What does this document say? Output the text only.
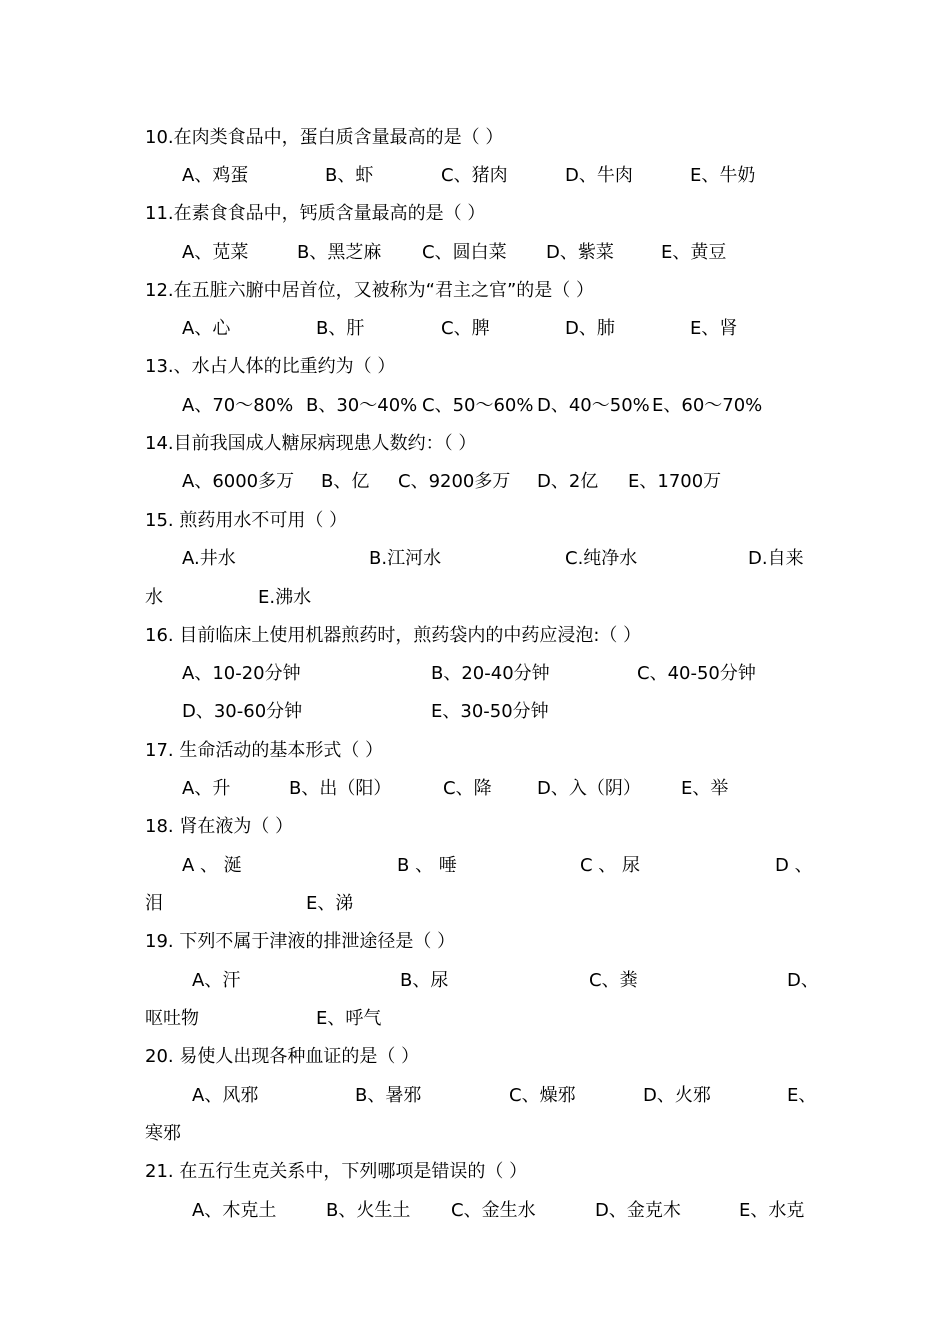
10.在肉类食品中，蛋白质含量最高的是（ ）
A、鸡蛋	B、虾	C、猪肉	D、牛肉	E、牛奶
11.在素食食品中，钙质含量最高的是（ ）
A、苋菜	B、黑芝麻 C、圆白菜 D、紫菜	E、黄豆
12.在五脏六腑中居首位，又被称为“君主之官”的是（ ）
A、心	B、肝	C、脾	D、肺	E、肾
13.、水占人体的比重约为（ ）
A、70～80% B、30～40% C、50～60% D、40～50% E、60～70%
14.目前我国成人糖尿病现患人数约：（ ）
A、6000多万 B、亿 C、9200多万 D、2亿 E、1700万
15. 煎药用水不可用（ ）
A.井水	B.江河水	C.纯净水	D.自来
水	E.沸水
16. 目前临床上使用机器煎药时，煎药袋内的中药应浸泡:（ ）
A、10-20分钟	B、20-40分钟	C、40-50分钟
D、30-60分钟	E、30-50分钟
17. 生命活动的基本形式（ ）
A、升	B、出（阳）	C、降	D、入（阴） E、举
18. 肾在液为（ ）
A 、 涎	B 、 唾	C 、 尿	D 、
泪	E、涕
19. 下列不属于津液的排泄途径是（ ）
A、汗	B、尿	C、粪	D、
呕吐物	E、呼气
20. 易使人出现各种血证的是（ ）
A、风邪	B、暑邪	C、燥邪	D、火邪	E、
寒邪
21. 在五行生克关系中，下列哪项是错误的（ ）
A、木克土	B、火生土 C、金生水	D、金克木	E、水克
